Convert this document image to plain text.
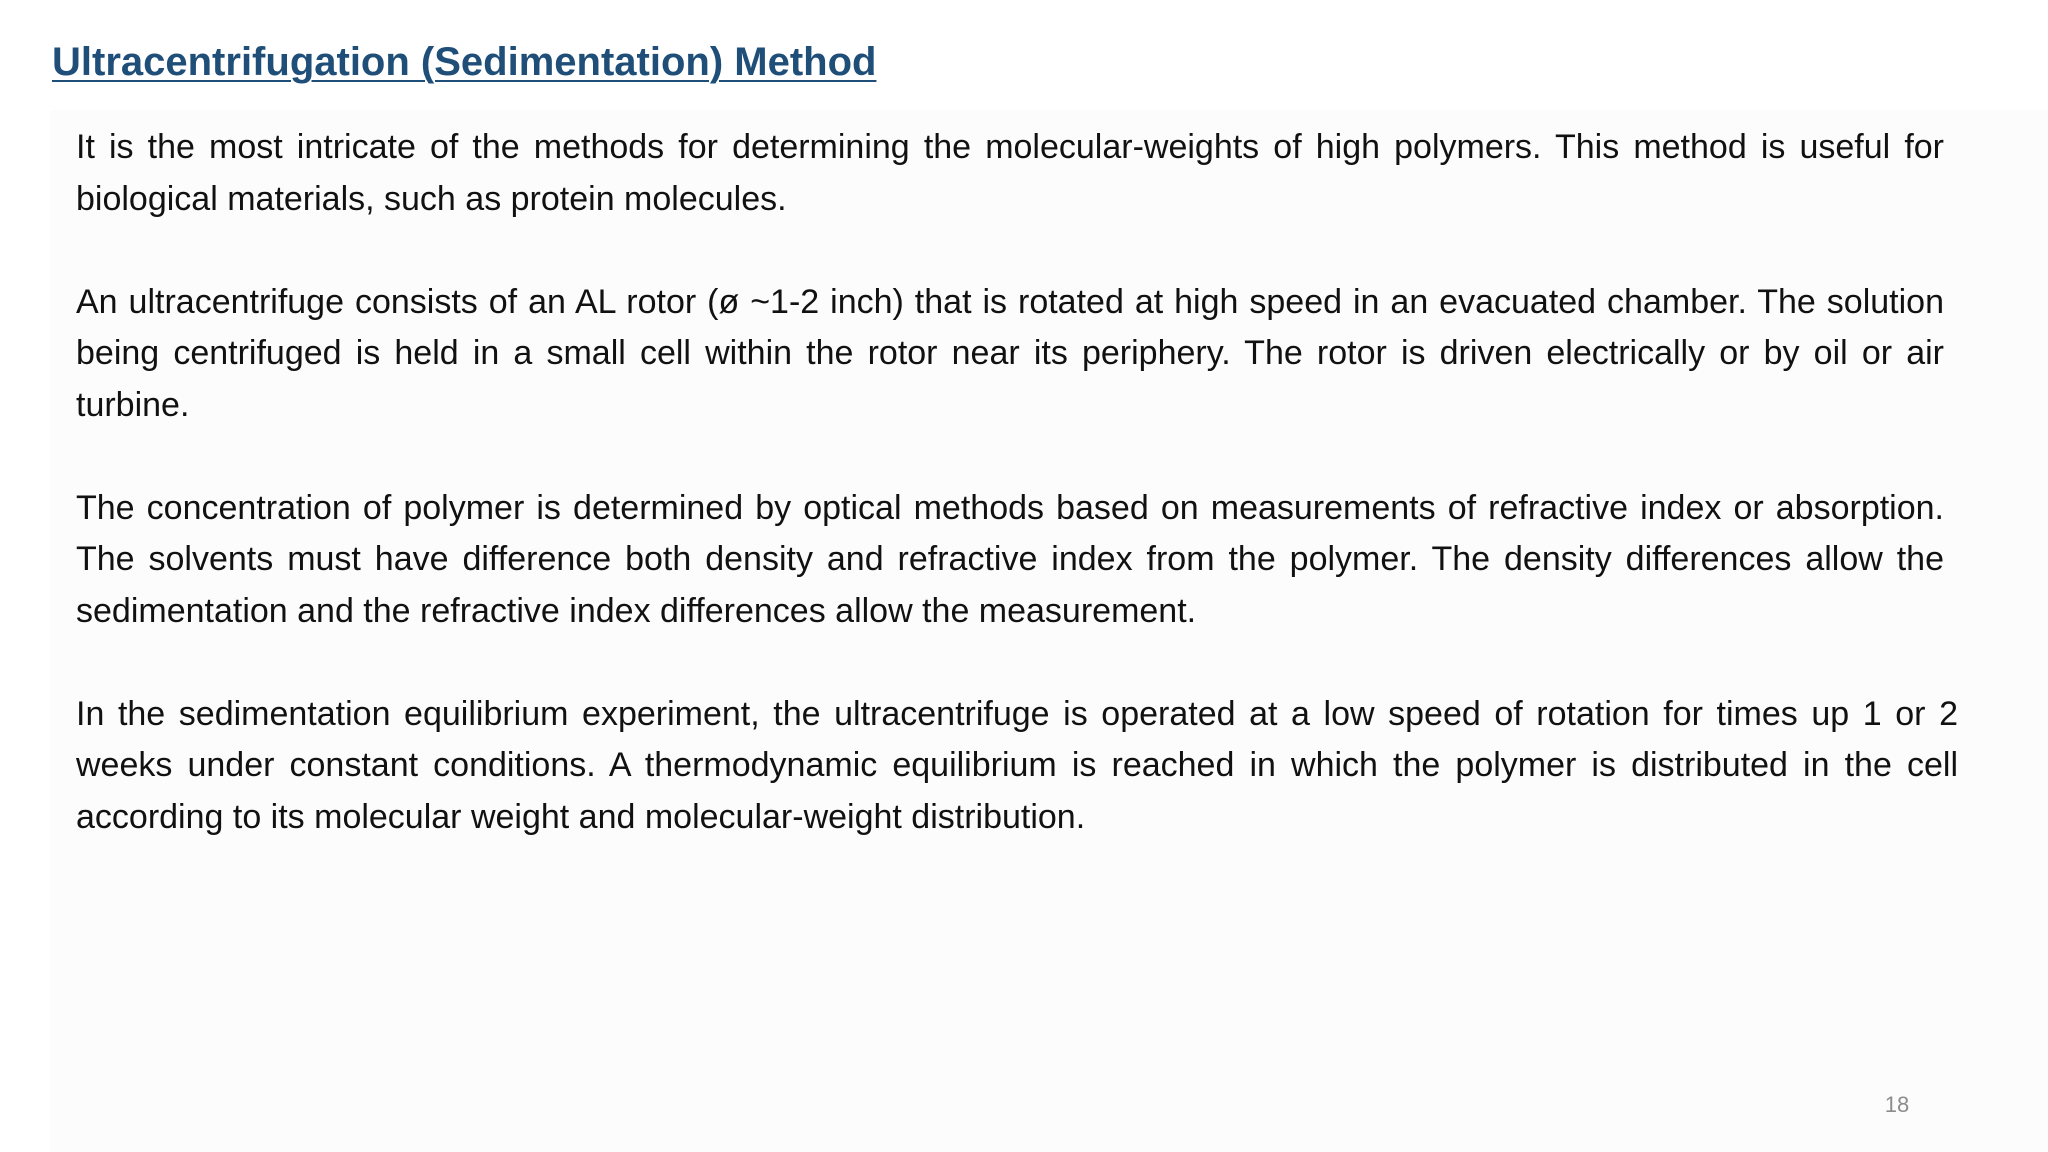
Ultracentrifugation (Sedimentation) Method

It is the most intricate of the methods for determining the molecular-weights of high polymers. This method is useful for biological materials, such as protein molecules.

An ultracentrifuge consists of an AL rotor (ø ~1-2 inch) that is rotated at high speed in an evacuated chamber. The solution being centrifuged is held in a small cell within the rotor near its periphery. The rotor is driven electrically or by oil or air turbine.

The concentration of polymer is determined by optical methods based on measurements of refractive index or absorption. The solvents must have difference both density and refractive index from the polymer. The density differences allow the sedimentation and the refractive index differences allow the measurement.

In the sedimentation equilibrium experiment, the ultracentrifuge is operated at a low speed of rotation for times up 1 or 2 weeks under constant conditions. A thermodynamic equilibrium is reached in which the polymer is distributed in the cell according to its molecular weight and molecular-weight distribution.

18
